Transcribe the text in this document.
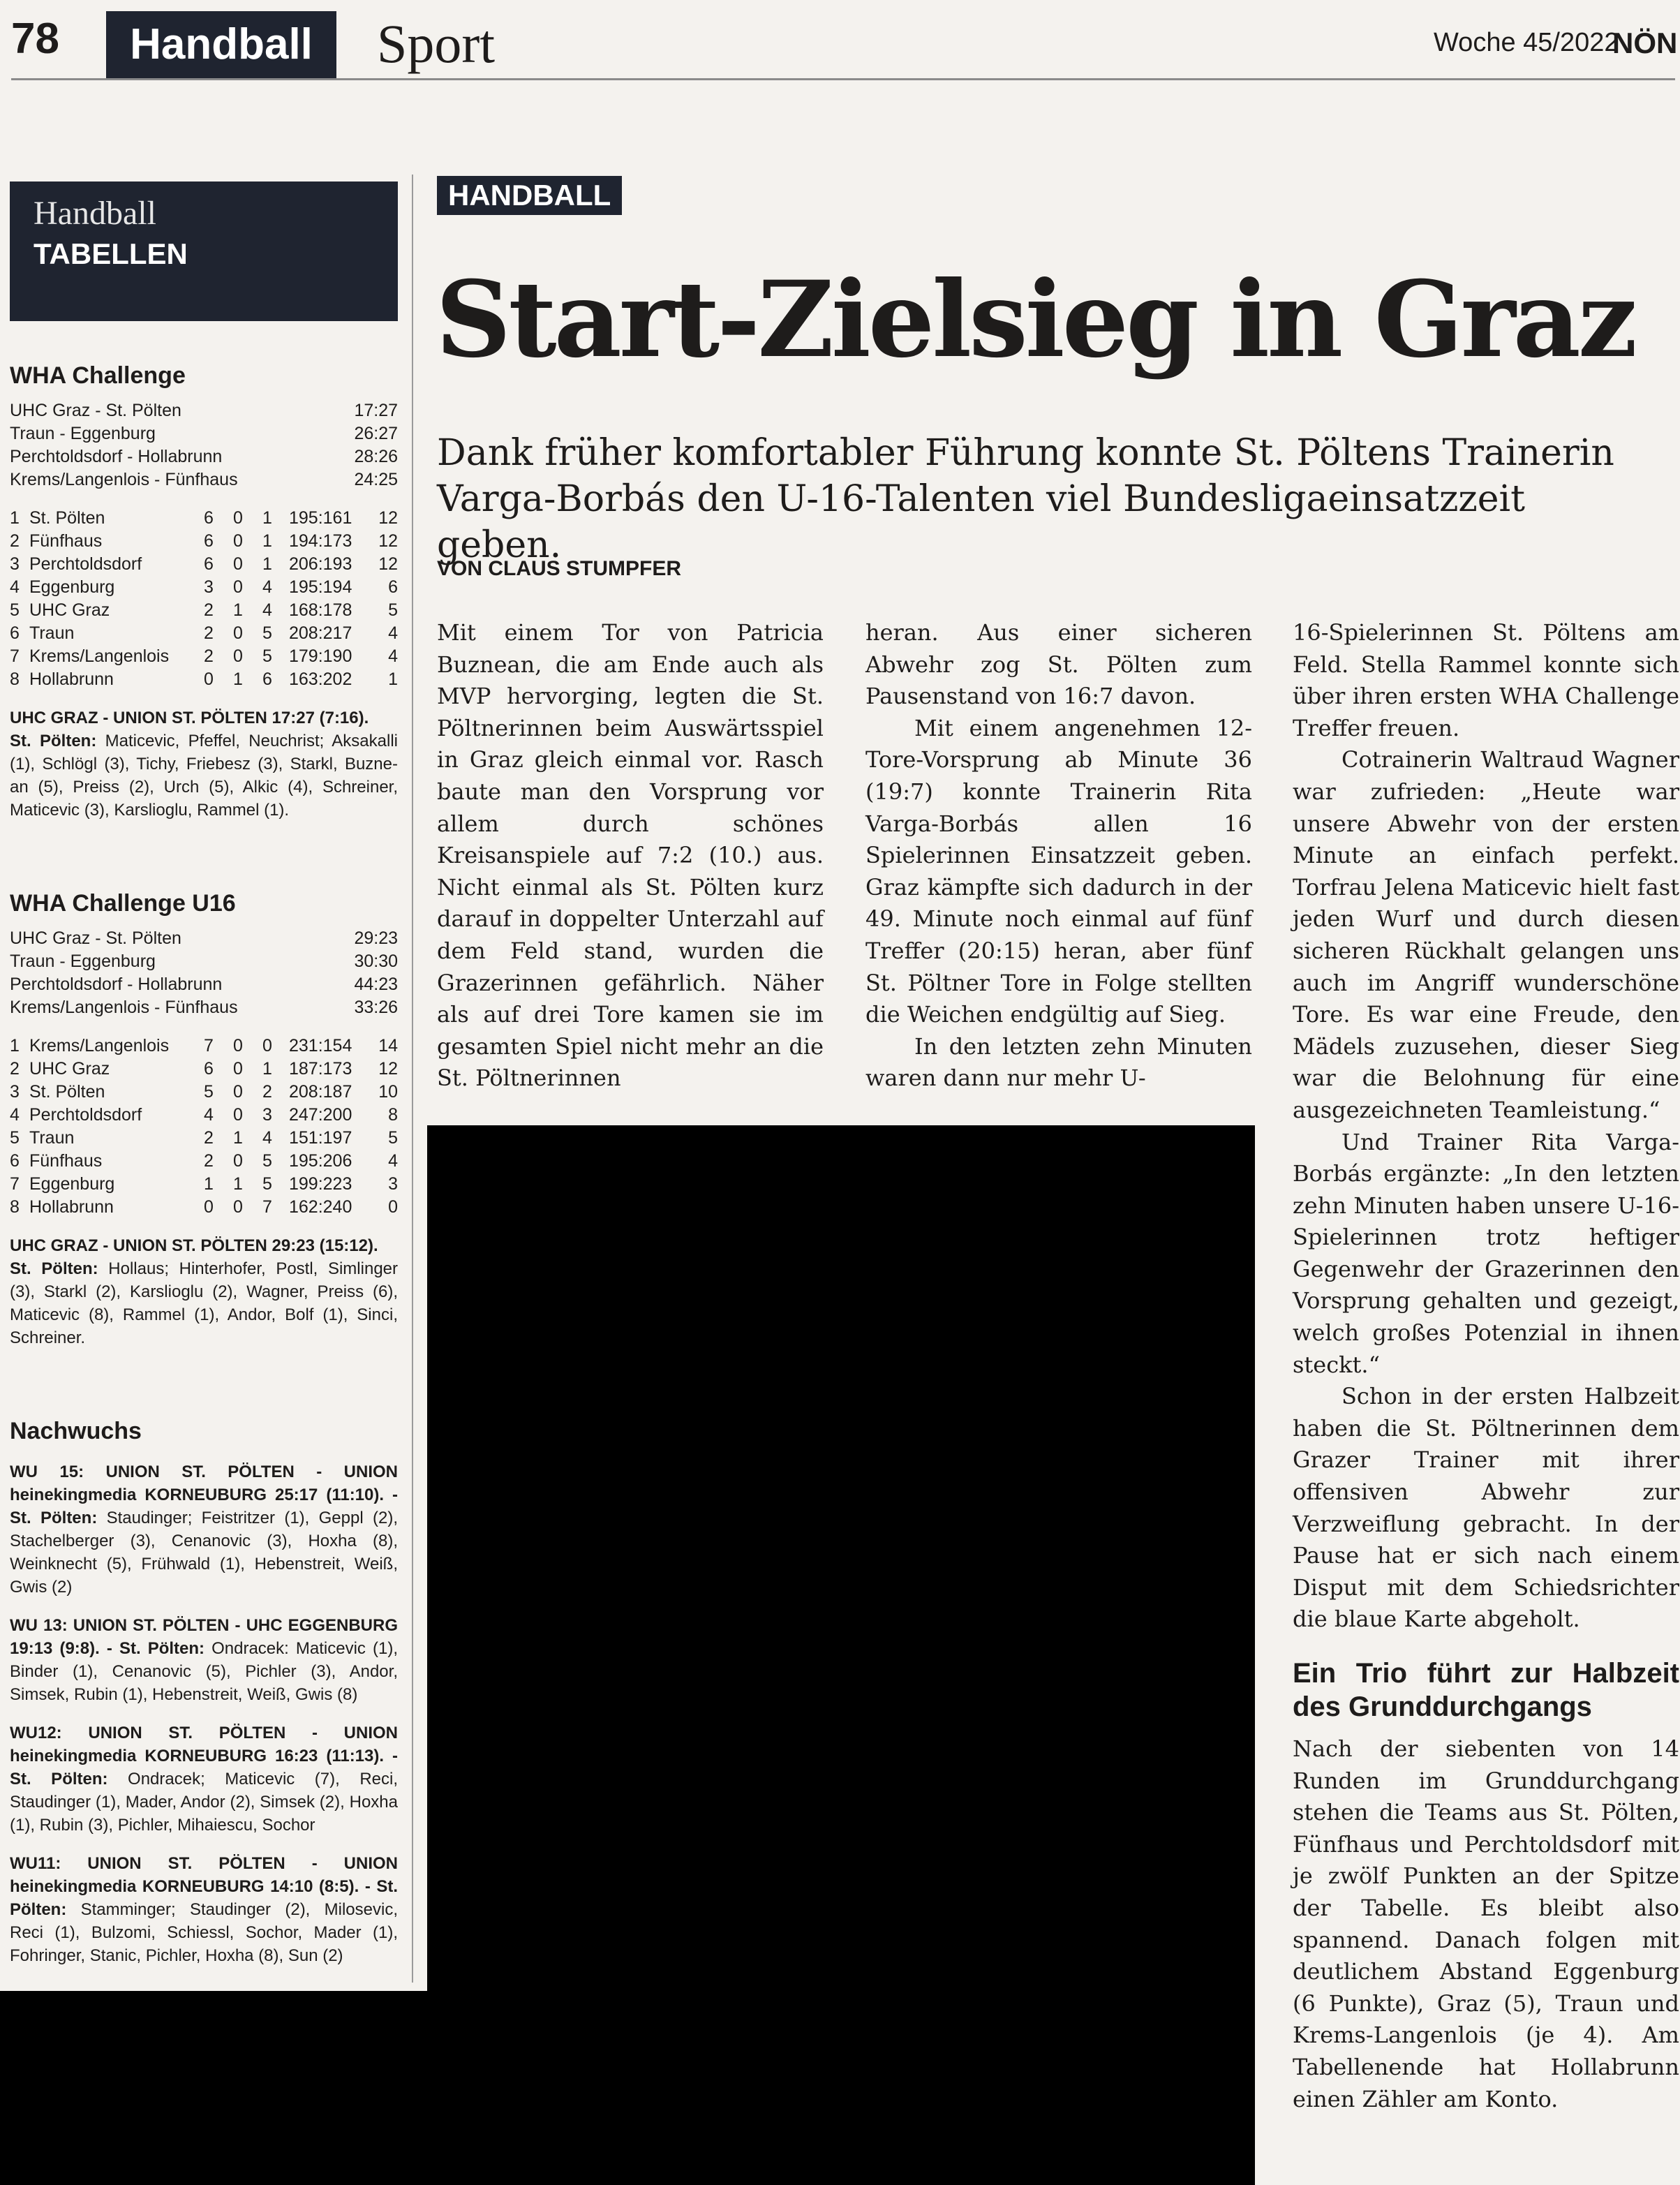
78	Handball	Sport	Woche 45/2022
NÖN
Handball
TABELLEN
WHA Challenge
UHC Graz - St. Pölten	17:27
Traun - Eggenburg	26:27
Perchtoldsdorf - Hollabrunn	28:26
Krems/Langenlois - Fünfhaus	24:25
1 St. Pölten	6	0	1 195:161	12
2 Fünfhaus	6	0	1 194:173	12
3 Perchtoldsdorf	6	0	1 206:193	12
4 Eggenburg	3	0	4 195:194	6
5 UHC Graz	2	1	4 168:178	5
6 Traun	2	0	5 208:217	4
7 Krems/Langenlois	2	0	5 179:190	4
8 Hollabrunn	0	1	6 163:202	1
UHC GRAZ - UNION ST. PÖLTEN 17:27 (7:16).
St. Pölten: Maticevic, Pfeffel, Neuchrist; Aksakalli (1), Schlögl (3), Tichy, Friebesz (3), Starkl, Buzne-an (5), Preiss (2), Urch (5), Alkic (4), Schreiner, Maticevic (3), Karslioglu, Rammel (1).
WHA Challenge U16
UHC Graz - St. Pölten	29:23
Traun - Eggenburg	30:30
Perchtoldsdorf - Hollabrunn	44:23
Krems/Langenlois - Fünfhaus	33:26
1 Krems/Langenlois	7	0	0 231:154	14
2 UHC Graz	6	0	1 187:173	12
3 St. Pölten	5	0	2 208:187	10
4 Perchtoldsdorf	4	0	3 247:200	8
5 Traun	2	1	4 151:197	5
6 Fünfhaus	2	0	5 195:206	4
7 Eggenburg	1	1	5 199:223	3
8 Hollabrunn	0	0	7 162:240	0
UHC GRAZ - UNION ST. PÖLTEN 29:23 (15:12).
St. Pölten: Hollaus; Hinterhofer, Postl, Simlinger (3), Starkl (2), Karslioglu (2), Wagner, Preiss (6), Maticevic (8), Rammel (1), Andor, Bolf (1), Sinci, Schreiner.
Nachwuchs
WU 15: UNION ST. PÖLTEN - UNION heinekingmedia KORNEUBURG 25:17 (11:10). - St. Pölten: Staudinger; Feistritzer (1), Geppl (2), Stachelberger (3), Cenanovic (3), Hoxha (8), Weinknecht (5), Frühwald (1), Hebenstreit, Weiß, Gwis (2)
WU 13: UNION ST. PÖLTEN - UHC EGGENBURG 19:13 (9:8). - St. Pölten: Ondracek: Maticevic (1), Binder (1), Cenanovic (5), Pichler (3), Andor, Simsek, Rubin (1), Hebenstreit, Weiß, Gwis (8)
WU12: UNION ST. PÖLTEN - UNION heinekingmedia KORNEUBURG 16:23 (11:13). - St. Pölten: Ondracek; Maticevic (7), Reci, Staudinger (1), Mader, Andor (2), Simsek (2), Hoxha (1), Rubin (3), Pichler, Mihaiescu, Sochor
WU11: UNION ST. PÖLTEN - UNION heinekingmedia KORNEUBURG 14:10 (8:5). - St. Pölten: Stamminger; Staudinger (2), Milosevic, Reci (1), Bulzomi, Schiessl, Sochor, Mader (1), Fohringer, Stanic, Pichler, Hoxha (8), Sun (2)
HANDBALL
Start-Zielsieg in Graz
Dank früher komfortabler Führung konnte St. Pöltens Trainerin Varga-Borbás den U-16-Talenten viel Bundesligaeinsatzzeit geben.
VON CLAUS STUMPFER

Mit einem Tor von Patricia Buznean, die am Ende auch als MVP hervorging, legten die St. Pöltnerinnen beim Auswärtsspiel in Graz gleich einmal vor. Rasch baute man den Vorsprung vor allem durch schönes Kreisanspiele auf 7:2 (10.) aus. Nicht einmal als St. Pölten kurz darauf in doppelter Unterzahl auf dem Feld stand, wurden die Grazerinnen gefährlich. Näher als auf drei Tore kamen sie im gesamten Spiel nicht mehr an die St. Pöltnerinnen

heran. Aus einer sicheren Abwehr zog St. Pölten zum Pausenstand von 16:7 davon.

Mit einem angenehmen 12-Tore-Vorsprung ab Minute 36 (19:7) konnte Trainerin Rita Varga-Borbás allen 16 Spielerinnen Einsatzzeit geben. Graz kämpfte sich dadurch in der 49. Minute noch einmal auf fünf Treffer (20:15) heran, aber fünf St. Pöltner Tore in Folge stellten die Weichen endgültig auf Sieg.

In den letzten zehn Minuten waren dann nur mehr U-

16-Spielerinnen St. Pöltens am Feld. Stella Rammel konnte sich über ihren ersten WHA Challenge Treffer freuen.

Cotrainerin Waltraud Wagner war zufrieden: „Heute war unsere Abwehr von der ersten Minute an einfach perfekt. Torfrau Jelena Maticevic hielt fast jeden Wurf und durch diesen sicheren Rückhalt gelangen uns auch im Angriff wunderschöne Tore. Es war eine Freude, den Mädels zuzusehen, dieser Sieg war die Belohnung für eine ausgezeichneten Teamleistung.“

Und Trainer Rita Varga-Borbás ergänzte: „In den letzten zehn Minuten haben unsere U-16-Spielerinnen trotz heftiger Gegenwehr der Grazerinnen den Vorsprung gehalten und gezeigt, welch großes Potenzial in ihnen steckt.“

Schon in der ersten Halbzeit haben die St. Pöltnerinnen dem Grazer Trainer mit ihrer offensiven Abwehr zur Verzweiflung gebracht. In der Pause hat er sich nach einem Disput mit dem Schiedsrichter die blaue Karte abgeholt.

Ein Trio führt zur Halbzeit des Grunddurchgangs

Nach der siebenten von 14 Runden im Grunddurchgang stehen die Teams aus St. Pölten, Fünfhaus und Perchtoldsdorf mit je zwölf Punkten an der Spitze der Tabelle. Es bleibt also spannend. Danach folgen mit deutlichem Abstand Eggenburg (6 Punkte), Graz (5), Traun und Krems-Langenlois (je 4). Am Tabellenende hat Hollabrunn einen Zähler am Konto.
